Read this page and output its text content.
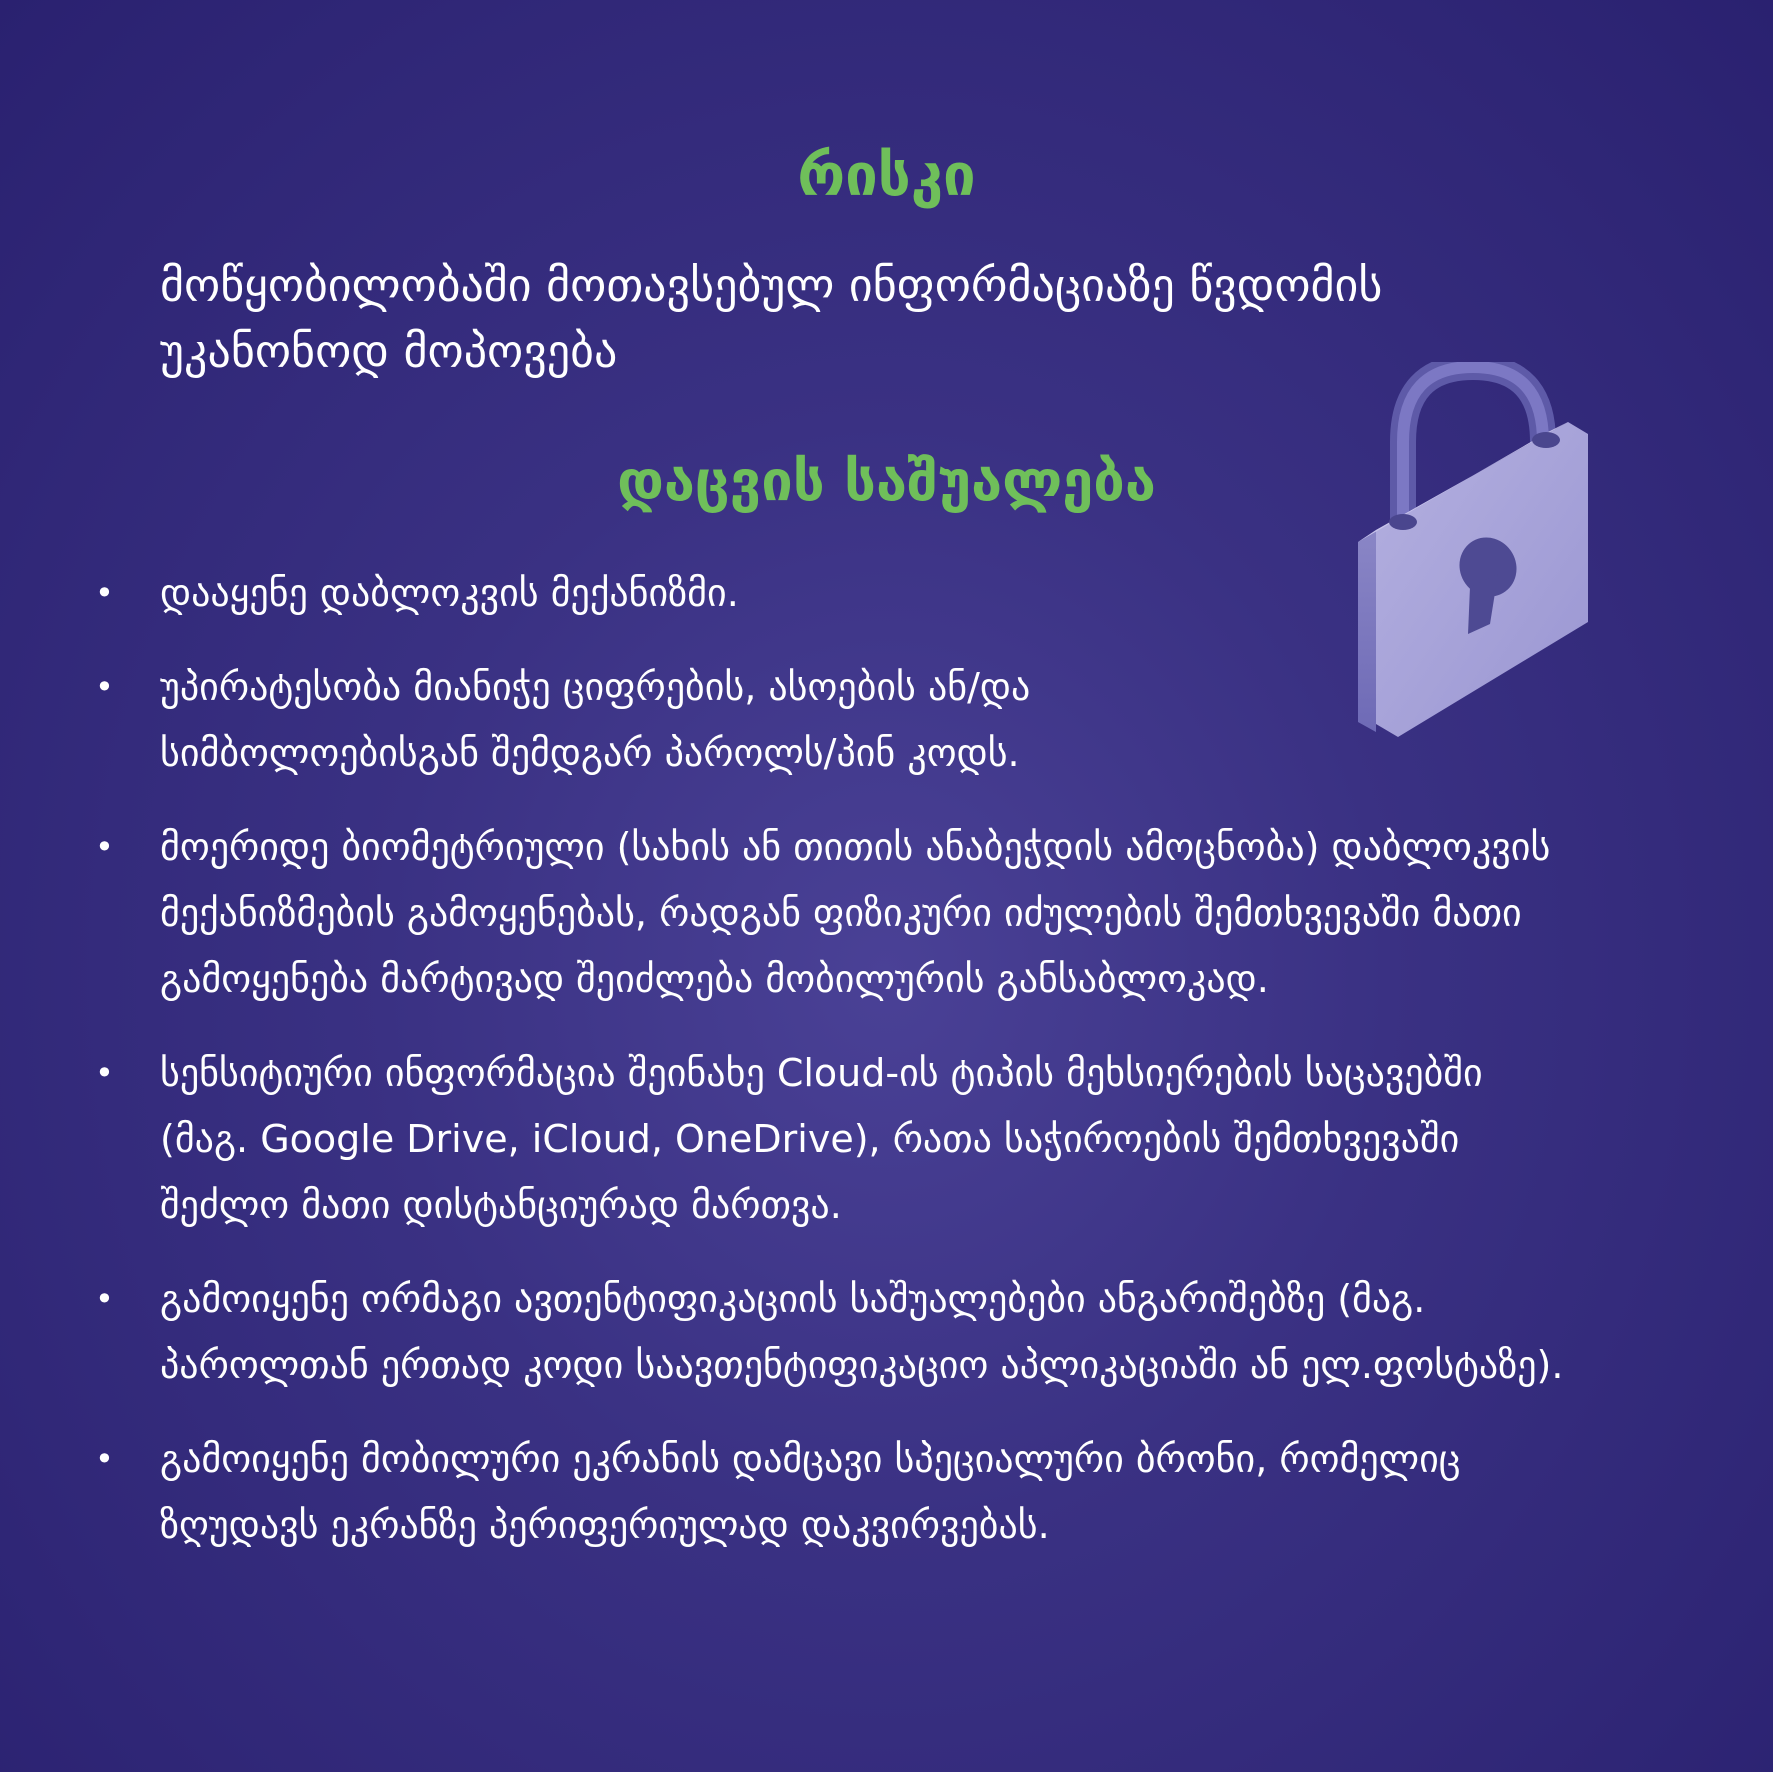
რისკი

მოწყობილობაში მოთავსებულ ინფორმაციაზე წვდომის უკანონოდ მოპოვება

დაცვის საშუალება
• დააყენე დაბლოკვის მექანიზმი.
• უპირატესობა მიანიჭე ციფრების, ასოების ან/და სიმბოლოებისგან შემდგარ პაროლს/პინ კოდს.
• მოერიდე ბიომეტრიული (სახის ან თითის ანაბეჭდის ამოცნობა) დაბლოკვის მექანიზმების გამოყენებას, რადგან ფიზიკური იძულების შემთხვევაში მათი გამოყენება მარტივად შეიძლება მობილურის განსაბლოკად.
• სენსიტიური ინფორმაცია შეინახე Cloud-ის ტიპის მეხსიერების საცავებში (მაგ. Google Drive, iCloud, OneDrive), რათა საჭიროების შემთხვევაში შეძლო მათი დისტანციურად მართვა.
• გამოიყენე ორმაგი ავთენტიფიკაციის საშუალებები ანგარიშებზე (მაგ. პაროლთან ერთად კოდი საავთენტიფიკაციო აპლიკაციაში ან ელ.ფოსტაზე).
• გამოიყენე მობილური ეკრანის დამცავი სპეციალური ბრონი, რომელიც ზღუდავს ეკრანზე პერიფერიულად დაკვირვებას.
